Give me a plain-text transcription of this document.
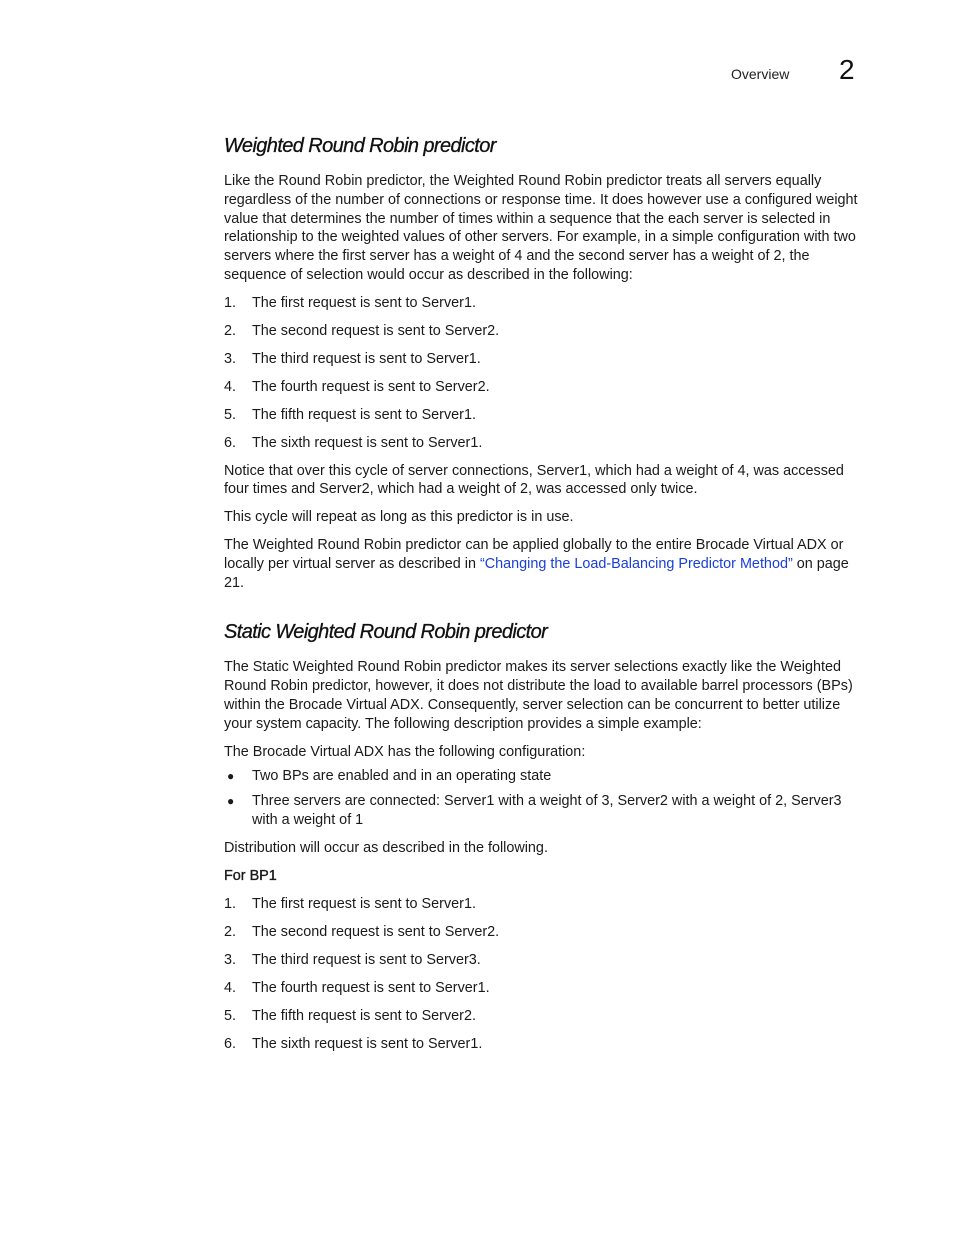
Overview 2
Weighted Round Robin predictor

Like the Round Robin predictor, the Weighted Round Robin predictor treats all servers equally regardless of the number of connections or response time. It does however use a configured weight value that determines the number of times within a sequence that the each server is selected in relationship to the weighted values of other servers. For example, in a simple configuration with two servers where the first server has a weight of 4 and the second server has a weight of 2, the sequence of selection would occur as described in the following:

1. The first request is sent to Server1.
2. The second request is sent to Server2.
3. The third request is sent to Server1.
4. The fourth request is sent to Server2.
5. The fifth request is sent to Server1.
6. The sixth request is sent to Server1.

Notice that over this cycle of server connections, Server1, which had a weight of 4, was accessed four times and Server2, which had a weight of 2, was accessed only twice.

This cycle will repeat as long as this predictor is in use.

The Weighted Round Robin predictor can be applied globally to the entire Brocade Virtual ADX or locally per virtual server as described in “Changing the Load-Balancing Predictor Method” on page 21.

Static Weighted Round Robin predictor

The Static Weighted Round Robin predictor makes its server selections exactly like the Weighted Round Robin predictor, however, it does not distribute the load to available barrel processors (BPs) within the Brocade Virtual ADX. Consequently, server selection can be concurrent to better utilize your system capacity. The following description provides a simple example:

The Brocade Virtual ADX has the following configuration:

● Two BPs are enabled and in an operating state
● Three servers are connected: Server1 with a weight of 3, Server2 with a weight of 2, Server3 with a weight of 1

Distribution will occur as described in the following.

For BP1

1. The first request is sent to Server1.
2. The second request is sent to Server2.
3. The third request is sent to Server3.
4. The fourth request is sent to Server1.
5. The fifth request is sent to Server2.
6. The sixth request is sent to Server1.
